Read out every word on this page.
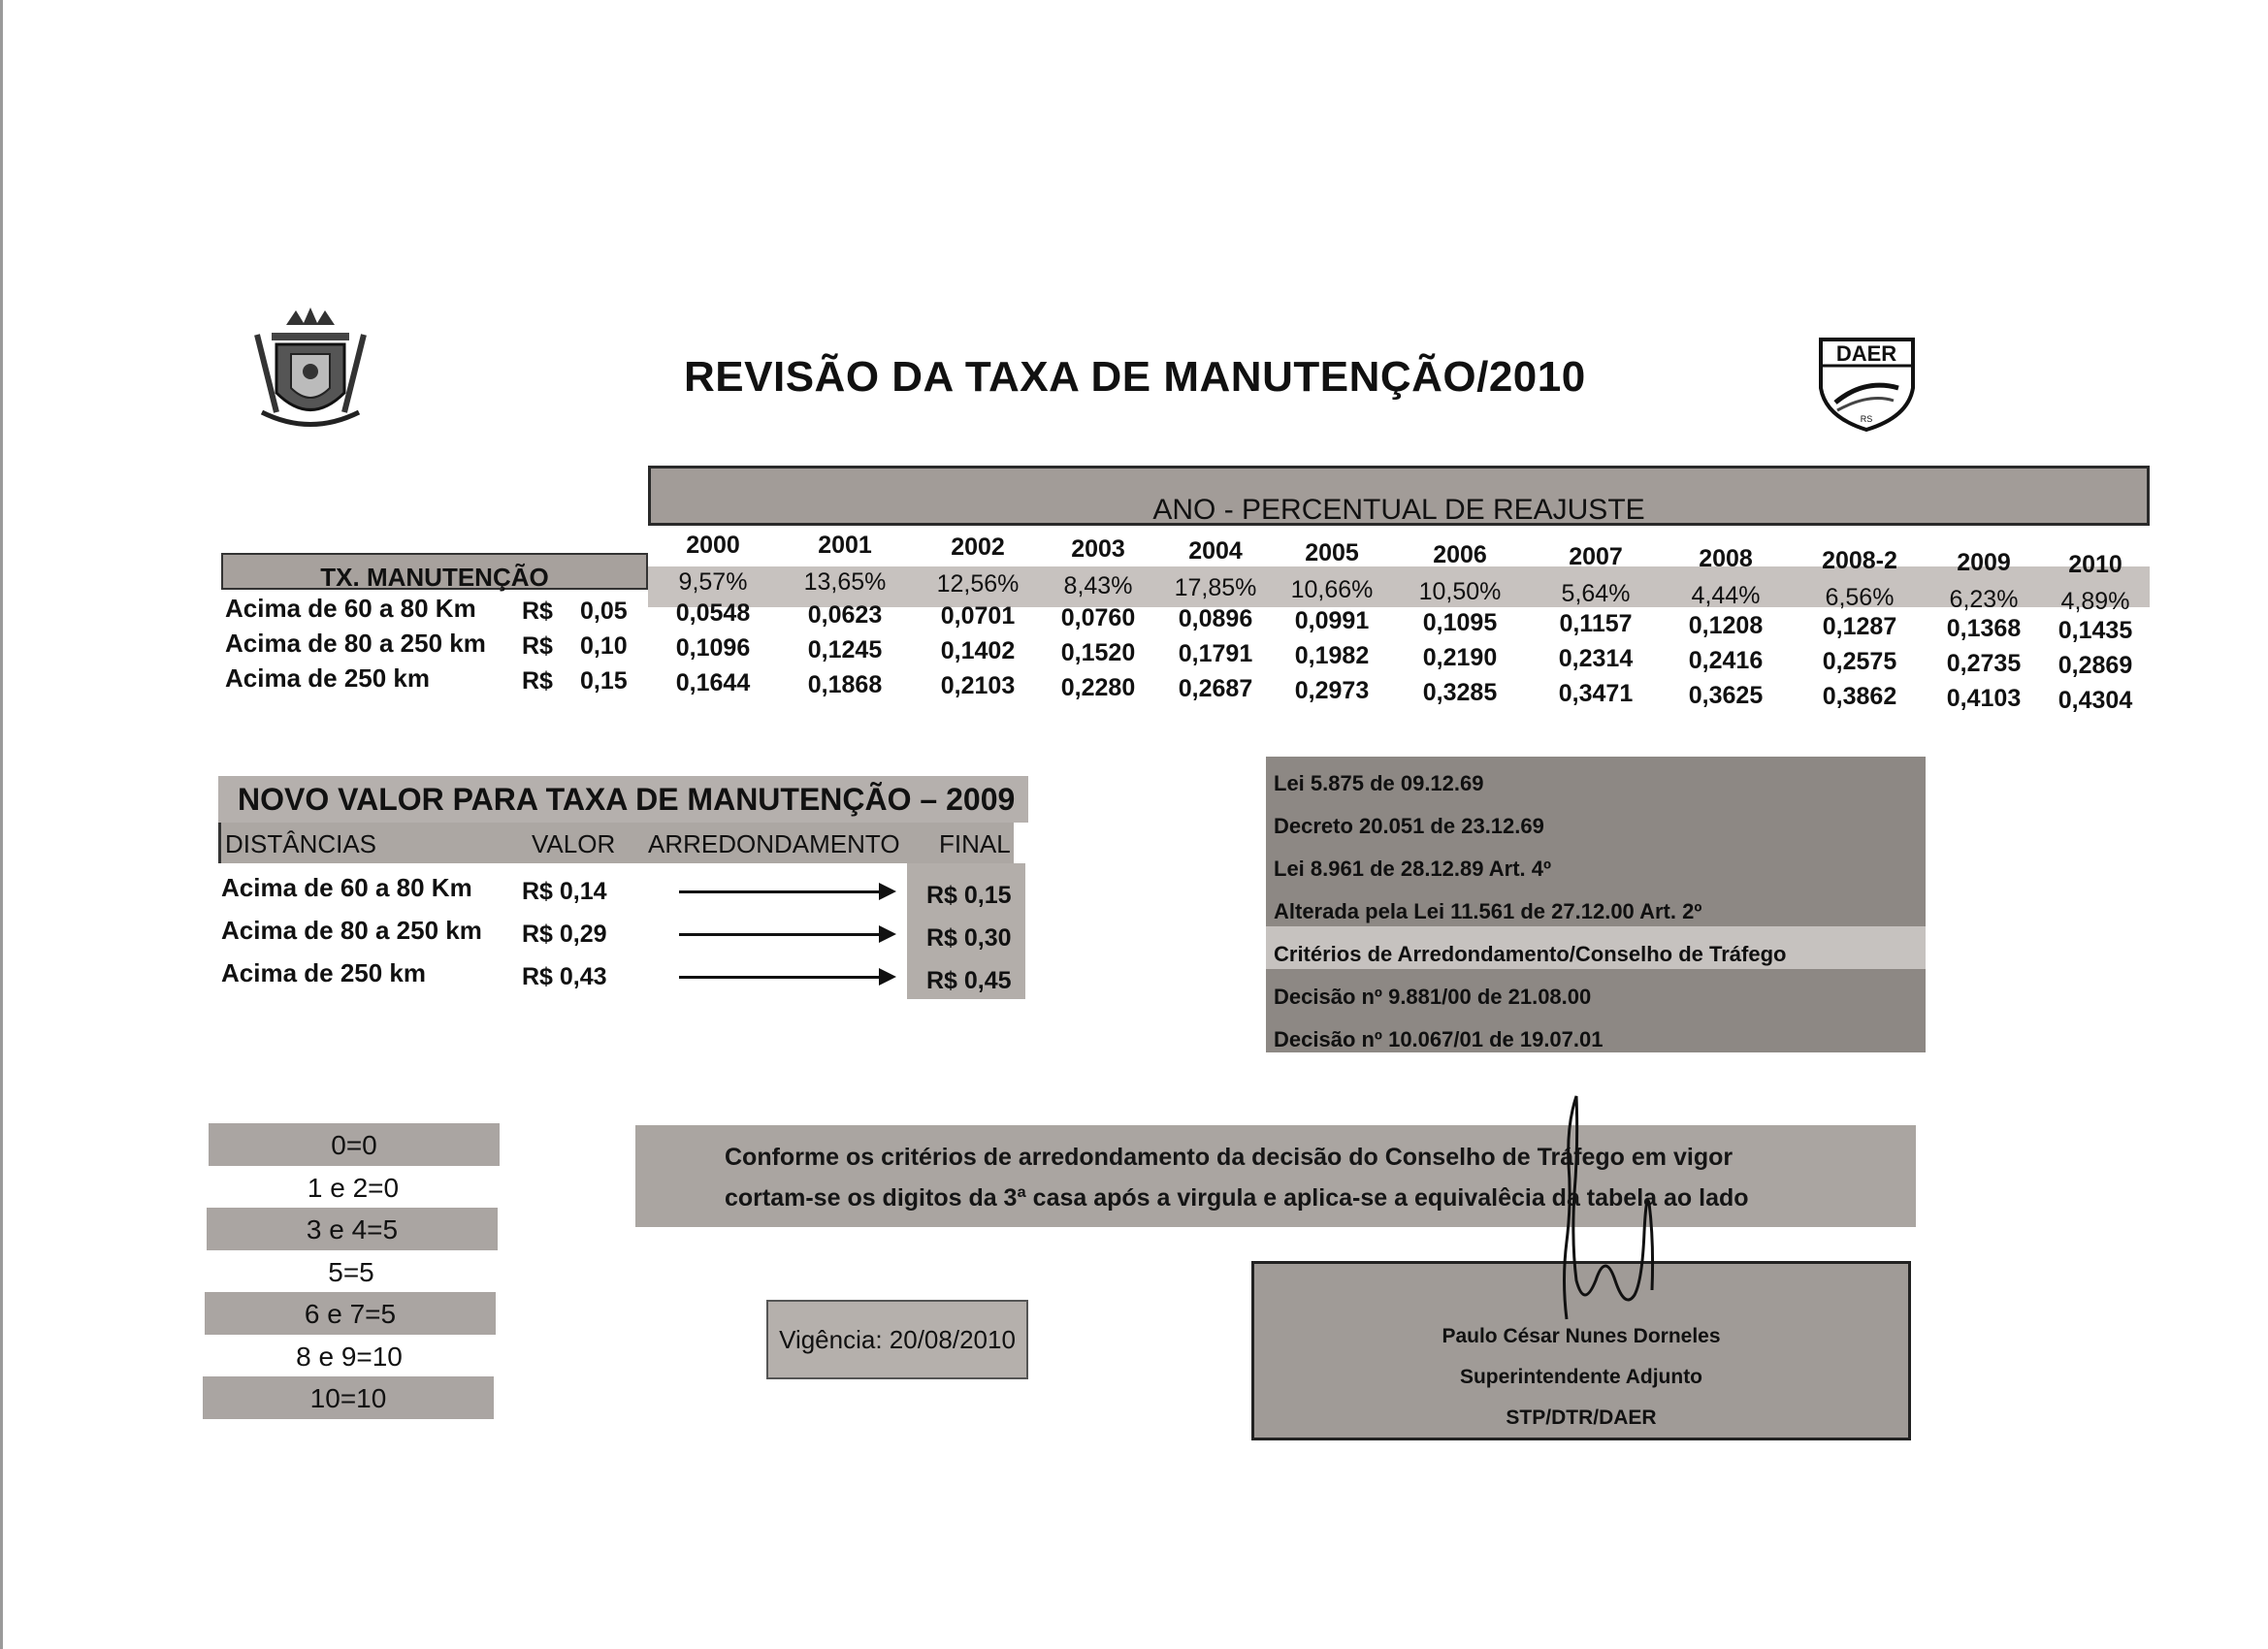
REVISÃO DA TAXA DE MANUTENÇÃO/2010	DAER
RS
ANO - PERCENTUAL DE REAJUSTE
TX. MANUTENÇÃO
2000	2001	2002	2003	2004	2005	2006	2007	2008	2008-2	2009	2010
9,57%	13,65%	12,56%	8,43%	17,85%	10,66%	10,50%	5,64%	4,44%	6,56%	6,23%	4,89%
Acima de 60 a 80 Km R$ 0,05	0,0548	0,0623	0,0701	0,0760	0,0896	0,0991	0,1095	0,1157	0,1208	0,1287	0,1368	0,1435
Acima de 80 a 250 km R$ 0,10	0,1096	0,1245	0,1402	0,1520	0,1791	0,1982	0,2190	0,2314	0,2416	0,2575	0,2735	0,2869
Acima de 250 km	R$ 0,15	0,1644	0,1868	0,2103	0,2280	0,2687	0,2973	0,3285	0,3471	0,3625	0,3862	0,4103	0,4304
NOVO VALOR PARA TAXA DE MANUTENÇÃO – 2009
DISTÂNCIAS	VALOR ARREDONDAMENTO FINAL
Acima de 60 a 80 Km R$ 0,14	R$ 0,15
Acima de 80 a 250 km R$ 0,29	R$ 0,30
Acima de 250 km	R$ 0,43	R$ 0,45
Lei 5.875 de 09.12.69
Decreto 20.051 de 23.12.69
Lei 8.961 de 28.12.89 Art. 4º
Alterada pela Lei 11.561 de 27.12.00 Art. 2º
Critérios de Arredondamento/Conselho de Tráfego
Decisão nº 9.881/00 de 21.08.00
Decisão nº 10.067/01 de 19.07.01
0=0
1 e 2=0
3 e 4=5
5=5
6 e 7=5
8 e 9=10
10=10
Conforme os critérios de arredondamento da decisão do Conselho de Tráfego em vigor
cortam-se os digitos da 3ª casa após a virgula e aplica-se a equivalêcia da tabela ao lado
Vigência: 20/08/2010	Paulo César Nunes Dorneles
Superintendente Adjunto
STP/DTR/DAER
